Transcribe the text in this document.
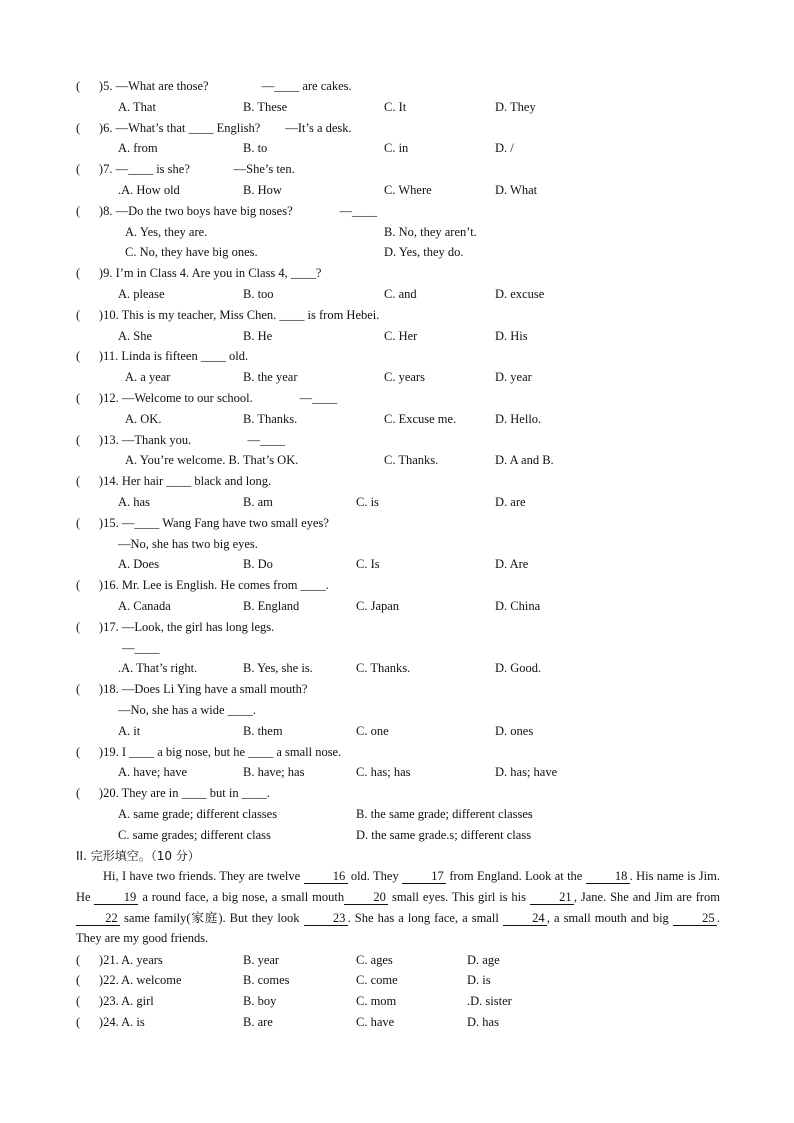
(      )5. —What are those?                 —____ are cakes.
A. That	B. These	C. It	D. They
(      )6. —What’s that ____ English?        —It’s a desk.
A. from	B. to	C. in	D. /
(      )7. —____ is she?              —She’s ten.
.A. How old	B. How	C. Where	D. What
(      )8. —Do the two boys have big noses?               —____
A. Yes, they are.	B. No, they aren’t.
C. No, they have big ones.	D. Yes, they do.
(      )9. I’m in Class 4. Are you in Class 4, ____?
A. please	B. too	C. and	D. excuse
(      )10. This is my teacher, Miss Chen. ____ is from Hebei.
A. She	B. He	C. Her	D. His
(      )11. Linda is fifteen ____ old.
A. a year	B. the year	C. years	D. year
(      )12. —Welcome to our school.               —____
A. OK.	B. Thanks.	C. Excuse me.	D. Hello.
(      )13. —Thank you.                  —____
A. You’re welcome. B. That’s OK.	C. Thanks.	D. A and B.
(      )14. Her hair ____ black and long.
A. has	B. am	C. is	D. are
(      )15. —____ Wang Fang have two small eyes?
—No, she has two big eyes.
A. Does	B. Do	C. Is	D. Are
(      )16. Mr. Lee is English. He comes from ____.
A. Canada	B. England	C. Japan	D. China
(      )17. —Look, the girl has long legs.
—____
.A. That’s right.	B. Yes, she is.	C. Thanks.	D. Good.
(      )18. —Does Li Ying have a small mouth?
—No, she has a wide ____.
A. it	B. them	C. one	D. ones
(      )19. I ____ a big nose, but he ____ a small nose.
A. have; have	B. have; has	C. has; has	D. has; have
(      )20. They are in ____ but in ____.
A. same grade; different classes	B. the same grade; different classes
C. same grades; different class	D. the same grade.s; different class
II. 完形填空。（10 分）
Hi, I have two friends. They are twelve 16 old. They 17 from England. Look at the 18 . His name is Jim. He 19 a round face, a big nose, a small mouth 20 small eyes. This girl is his 21 , Jane. She and Jim are from 22 same family(家庭). But they look 23 . She has a long face, a small 24 , a small mouth and big 25 . They are my good friends.
(      )21. A. years	B. year	C. ages	D. age
(      )22. A. welcome	B. comes	C. come	D. is
(      )23. A. girl	B. boy	C. mom	.D. sister
(      )24. A. is	B. are	C. have	D. has
